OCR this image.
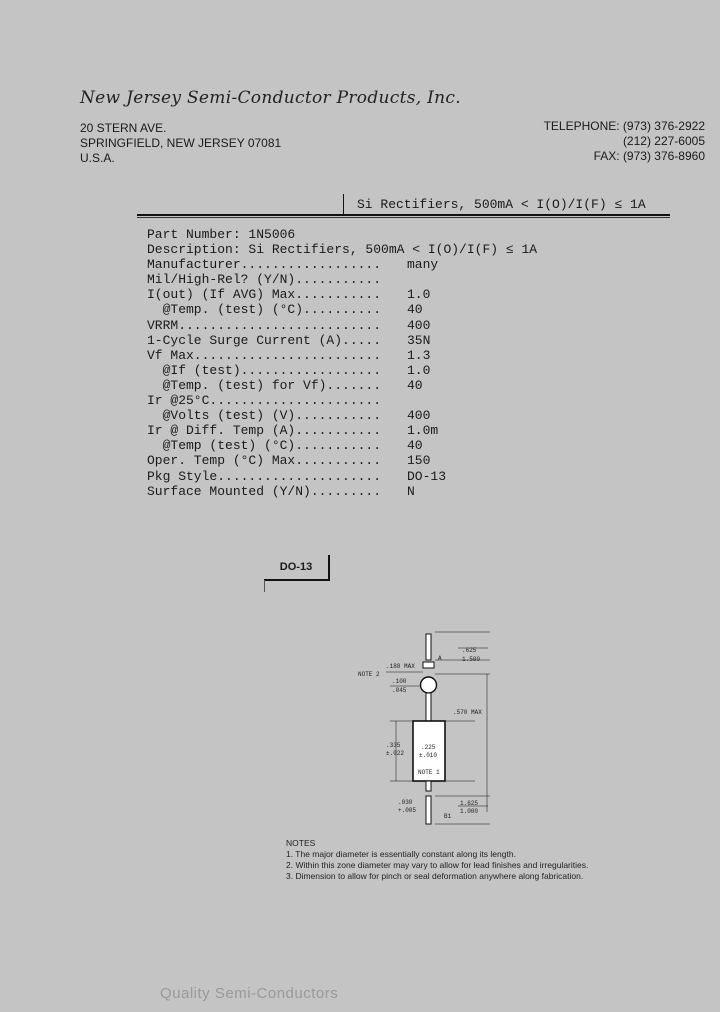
New Jersey Semi-Conductor Products, Inc.
20 STERN AVE.
SPRINGFIELD, NEW JERSEY 07081
U.S.A.
TELEPHONE: (973) 376-2922
(212) 227-6005
FAX: (973) 376-8960
Si Rectifiers, 500mA < I(O)/I(F) ≤ 1A
Part Number: 1N5006
Description: Si Rectifiers, 500mA < I(O)/I(F) ≤ 1A
Manufacturer.................. many
Mil/High-Rel? (Y/N)...........
I(out) (If AVG) Max........... 1.0
@Temp. (test) (°C).......... 40
VRRM.......................... 400
1-Cycle Surge Current (A)..... 35N
Vf Max........................ 1.3
@If (test).................. 1.0
@Temp. (test) for Vf)....... 40
Ir @25°C......................
@Volts (test) (V)........... 400
Ir @ Diff. Temp (A)........... 1.0m
@Temp (test) (°C)........... 40
Oper. Temp (°C) Max........... 150
Pkg Style..................... DO-13
Surface Mounted (Y/N)......... N
DO-13
.625
1.500
A
NOTE 2
.188 MAX
.100
.045
.570 MAX
.335
±.022
.225
±.010
NOTE 1
1.625
1.000
.030
+.005
B1
NOTES
1. The major diameter is essentially constant along its length.
2. Within this zone diameter may vary to allow for lead finishes and irregularities.
3. Dimension to allow for pinch or seal deformation anywhere along fabrication.
Quality Semi-Conductors
